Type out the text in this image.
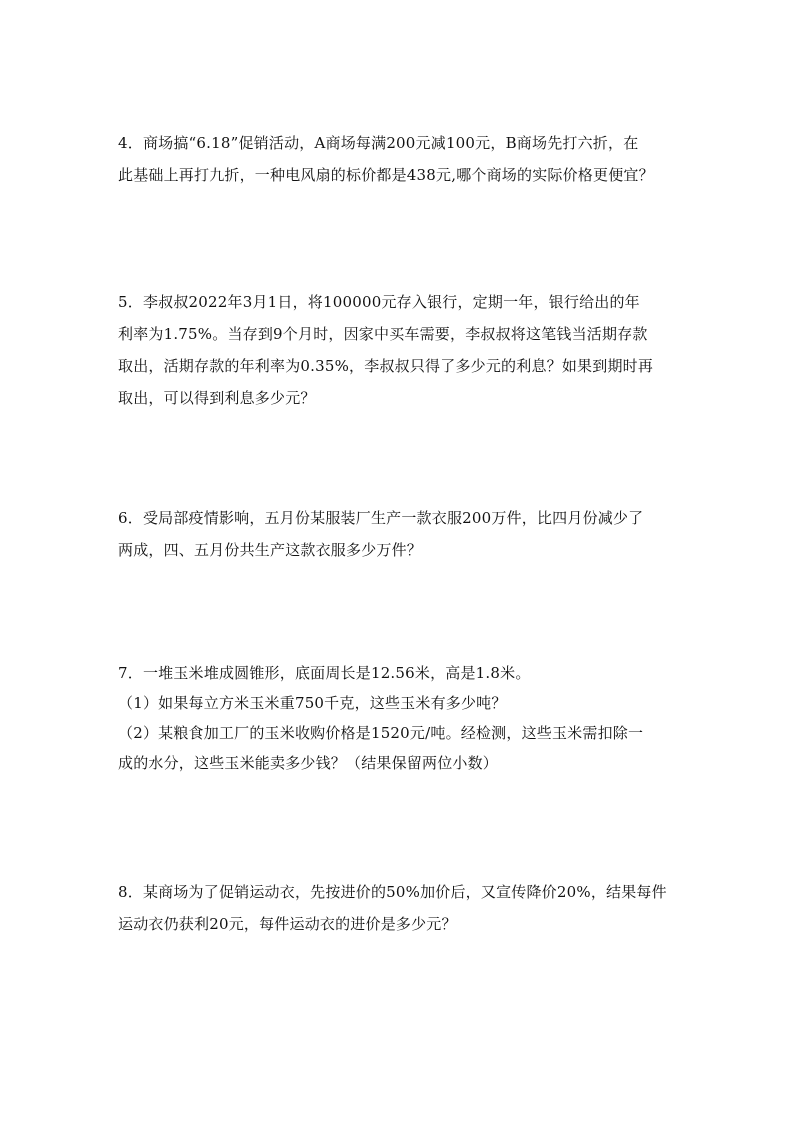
4．商场搞“6.18”促销活动，A商场每满200元减100元，B商场先打六折，在
此基础上再打九折，一种电风扇的标价都是438元,哪个商场的实际价格更便宜？
5．李叔叔2022年3月1日，将100000元存入银行，定期一年，银行给出的年
利率为1.75%。当存到9个月时，因家中买车需要，李叔叔将这笔钱当活期存款
取出，活期存款的年利率为0.35%，李叔叔只得了多少元的利息？如果到期时再
取出，可以得到利息多少元？
6．受局部疫情影响，五月份某服装厂生产一款衣服200万件，比四月份减少了
两成，四、五月份共生产这款衣服多少万件？
7．一堆玉米堆成圆锥形，底面周长是12.56米，高是1.8米。
（1）如果每立方米玉米重750千克，这些玉米有多少吨？
（2）某粮食加工厂的玉米收购价格是1520元/吨。经检测，这些玉米需扣除一
成的水分，这些玉米能卖多少钱？（结果保留两位小数）
8．某商场为了促销运动衣，先按进价的50%加价后，又宣传降价20%，结果每件
运动衣仍获利20元，每件运动衣的进价是多少元？
